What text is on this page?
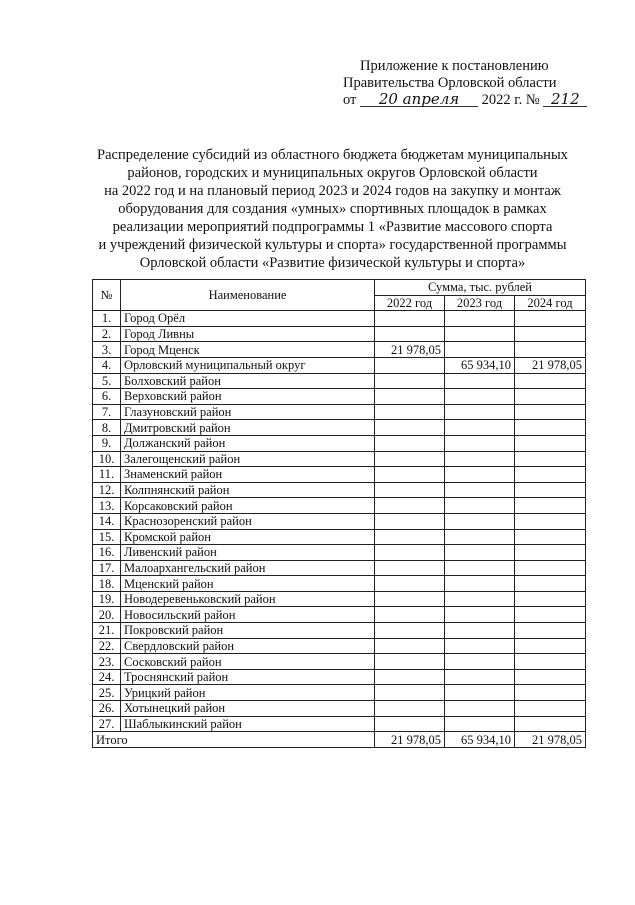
Приложение к постановлению
Правительства Орловской области
от 20 апреля 2022 г. № 212
Распределение субсидий из областного бюджета бюджетам муниципальных
районов, городских и муниципальных округов Орловской области
на 2022 год и на плановый период 2023 и 2024 годов на закупку и монтаж
оборудования для создания «умных» спортивных площадок в рамках
реализации мероприятий подпрограммы 1 «Развитие массового спорта
и учреждений физической культуры и спорта» государственной программы
Орловской области «Развитие физической культуры и спорта»
№	Наименование	Сумма, тыс. рублей		
		2022 год	2023 год	2024 год
1.	Город Орёл			
2.	Город Ливны			
3.	Город Мценск	21 978,05		
4.	Орловский муниципальный округ		65 934,10	21 978,05
5.	Болховский район			
6.	Верховский район			
7.	Глазуновский район			
8.	Дмитровский район			
9.	Должанский район			
10.	Залегощенский район			
11.	Знаменский район			
12.	Колпнянский район			
13.	Корсаковский район			
14.	Краснозоренский район			
15.	Кромской район			
16.	Ливенский район			
17.	Малоархангельский район			
18.	Мценский район			
19.	Новодеревеньковский район			
20.	Новосильский район			
21.	Покровский район			
22.	Свердловский район			
23.	Сосковский район			
24.	Троснянский район			
25.	Урицкий район			
26.	Хотынецкий район			
27.	Шаблыкинский район			
Итого		21 978,05	65 934,10	21 978,05
